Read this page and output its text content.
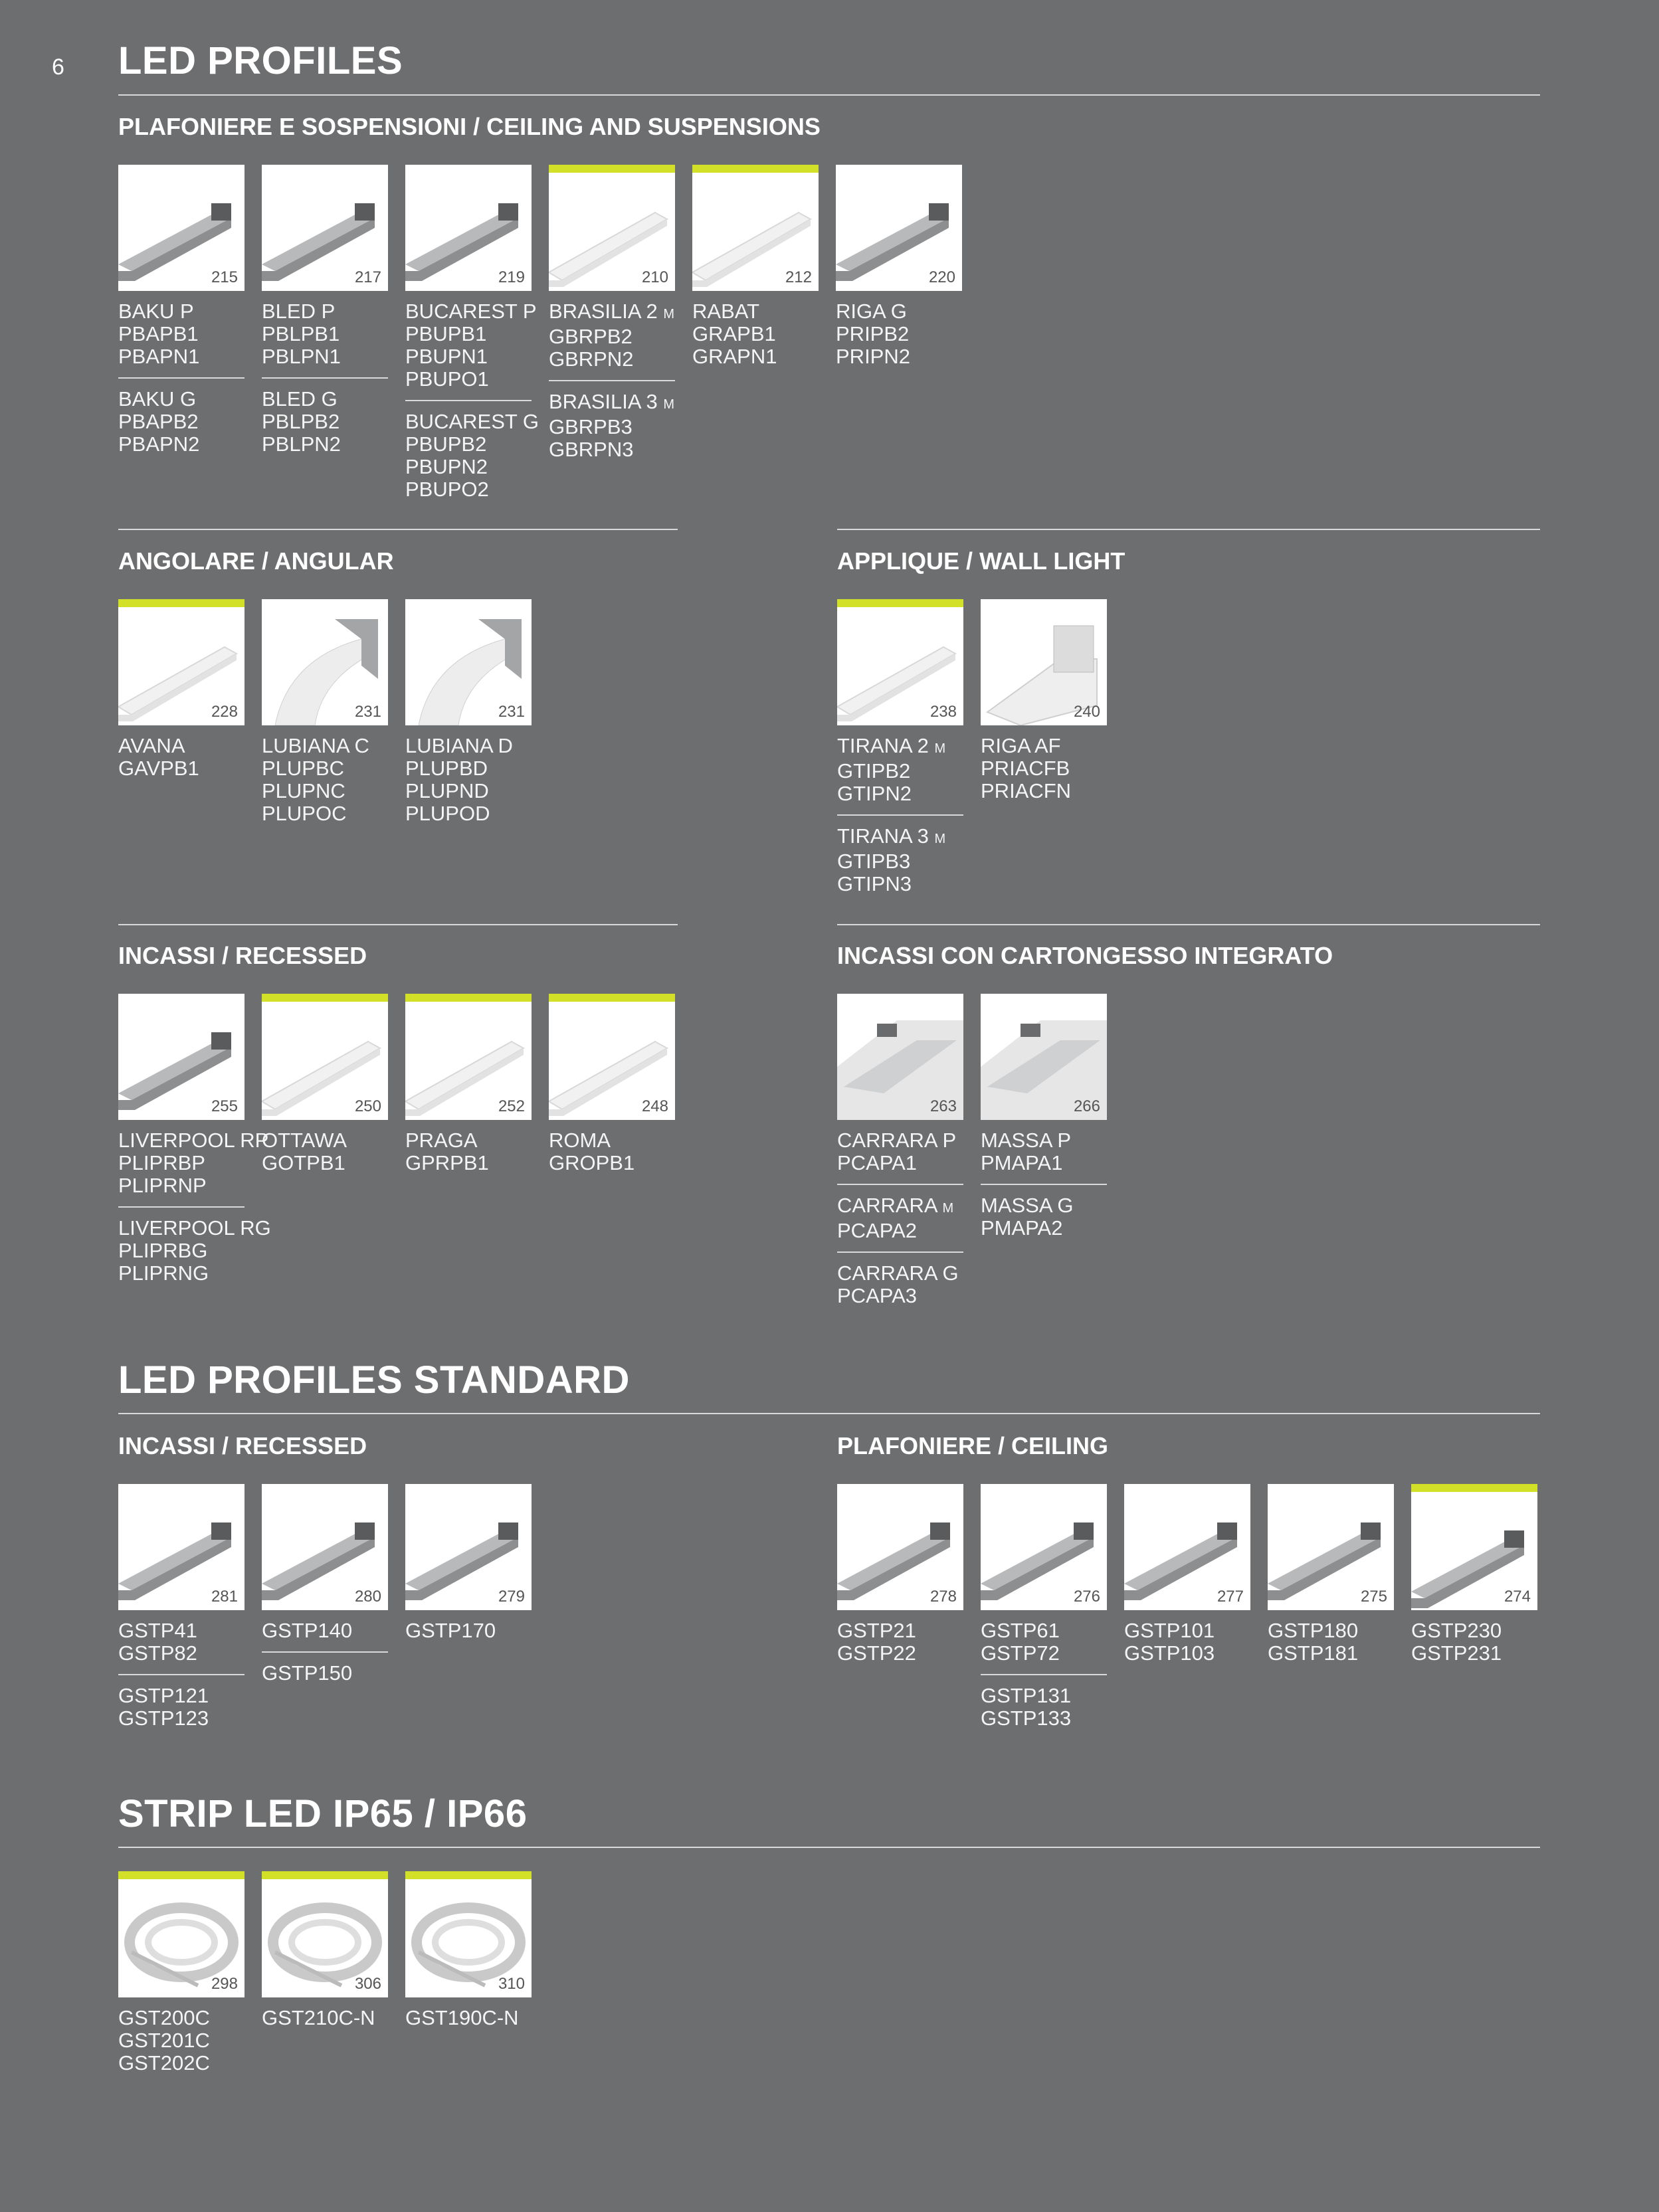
6 LED PROFILES
PLAFONIERE E SOSPENSIONI / CEILING AND SUSPENSIONS
ANGOLARE / ANGULAR	APPLIQUE / WALL LIGHT
INCASSI / RECESSED	INCASSI CON CARTONGESSO INTEGRATO
LED PROFILES STANDARD
INCASSI / RECESSED	PLAFONIERE / CEILING
STRIP LED IP65 / IP66
215
BAKU P
PBAPB1
PBAPN1
BAKU G
PBAPB2
PBAPN2
217
BLED P
PBLPB1
PBLPN1
BLED G
PBLPB2
PBLPN2
219
BUCAREST P
PBUPB1
PBUPN1
PBUPO1
BUCAREST G
PBUPB2
PBUPN2
PBUPO2
210
BRASILIA 2 M
GBRPB2
GBRPN2
BRASILIA 3 M
GBRPB3
GBRPN3
212
RABAT
GRAPB1
GRAPN1
220
RIGA G
PRIPB2
PRIPN2
228
AVANA
GAVPB1
231
LUBIANA C
PLUPBC
PLUPNC
PLUPOC
231
LUBIANA D
PLUPBD
PLUPND
PLUPOD
238
TIRANA 2 M
GTIPB2
GTIPN2
TIRANA 3 M
GTIPB3
GTIPN3
240
RIGA AF
PRIACFB
PRIACFN
255
LIVERPOOL RP
PLIPRBP
PLIPRNP
LIVERPOOL RG
PLIPRBG
PLIPRNG
250
OTTAWA
GOTPB1
252
PRAGA
GPRPB1
248
ROMA
GROPB1
263
CARRARA P
PCAPA1
CARRARA M
PCAPA2
CARRARA G
PCAPA3
266
MASSA P
PMAPA1
MASSA G
PMAPA2
281
GSTP41
GSTP82
GSTP121
GSTP123
280
GSTP140
GSTP150
279
GSTP170
278
GSTP21
GSTP22
276
GSTP61
GSTP72
GSTP131
GSTP133
277
GSTP101
GSTP103
275
GSTP180
GSTP181
274
GSTP230
GSTP231
298
GST200C
GST201C
GST202C
306
GST210C-N
310
GST190C-N
